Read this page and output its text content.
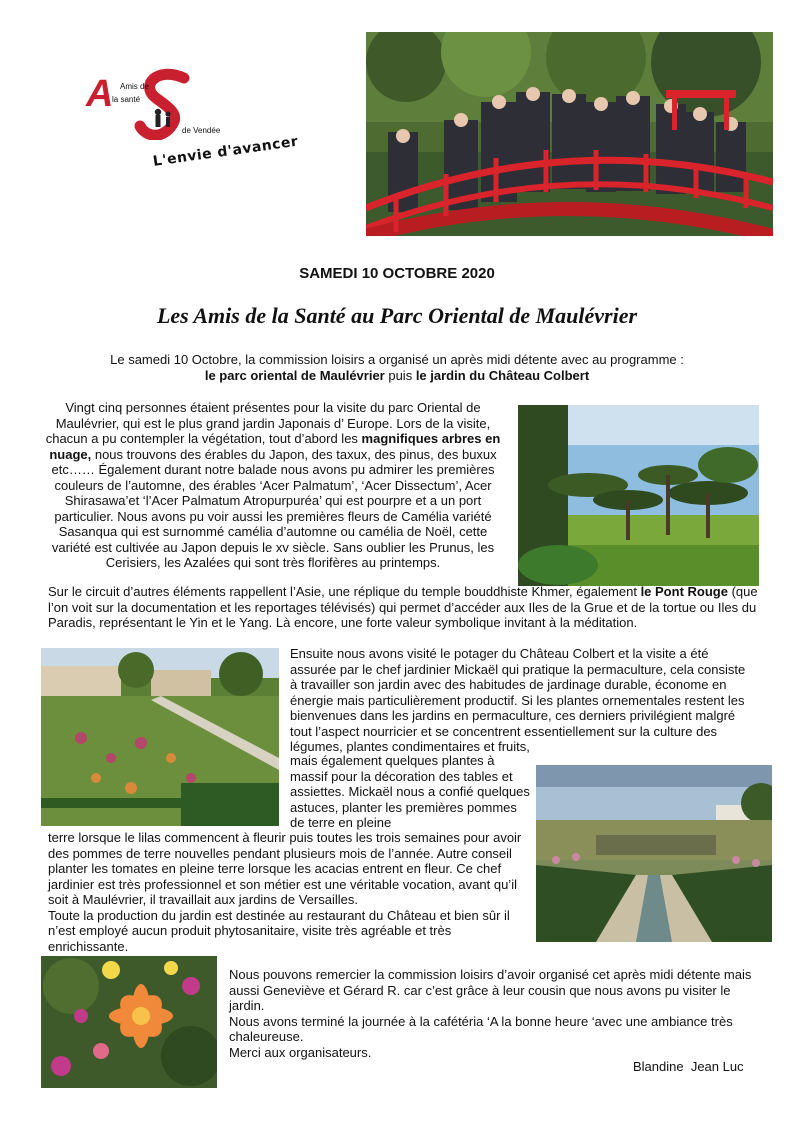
A Amis de
la santé
de Vendée
L'envie d'avancer
SAMEDI 10 OCTOBRE 2020
Les Amis de la Santé au Parc Oriental de Maulévrier
Le samedi 10 Octobre, la commission loisirs a organisé un après midi détente avec au programme :
le parc oriental de Maulévrier puis le jardin du Château Colbert
Vingt cinq personnes étaient présentes pour la visite du parc Oriental de Maulévrier, qui est le plus grand jardin Japonais d’ Europe. Lors de la visite, chacun a pu contempler la végétation, tout d’abord les magnifiques arbres en nuage, nous trouvons des érables du Japon, des taxux, des pinus, des buxux etc…… Également durant notre balade nous avons pu admirer les premières couleurs de l’automne, des érables ‘Acer Palmatum’, ‘Acer Dissectum’, Acer Shirasawa’et ‘l’Acer Palmatum Atropurpuréa’ qui est pourpre et a un port particulier. Nous avons pu voir aussi les premières fleurs de Camélia variété Sasanqua qui est surnommé camélia d’automne ou camélia de Noël, cette variété est cultivée au Japon depuis le xv siècle. Sans oublier les Prunus, les Cerisiers, les Azalées qui sont très florifères au printemps.
Sur le circuit d’autres éléments rappellent l’Asie, une réplique du temple bouddhiste Khmer, également le Pont Rouge (que l’on voit sur la documentation et les reportages télévisés) qui permet d’accéder aux Iles de la Grue et de la tortue ou Iles du Paradis, représentant le Yin et le Yang. Là encore, une forte valeur symbolique invitant à la méditation.
Ensuite nous avons visité le potager du Château Colbert et la visite a été assurée par le chef jardinier Mickaël qui pratique la permaculture, cela consiste à travailler son jardin avec des habitudes de jardinage durable, économe en énergie mais particulièrement productif. Si les plantes ornementales restent les bienvenues dans les jardins en permaculture, ces derniers privilégient malgré tout l’aspect nourricier et se concentrent essentiellement sur la culture des légumes, plantes condimentaires et fruits,
mais également quelques plantes à massif pour la décoration des tables et assiettes. Mickaël nous a confié quelques astuces, planter les premières pommes de terre en pleine
terre lorsque le lilas commencent à fleurir puis toutes les trois semaines pour avoir des pommes de terre nouvelles pendant plusieurs mois de l’année. Autre conseil planter les tomates en pleine terre lorsque les acacias entrent en fleur. Ce chef jardinier est très professionnel et son métier est une véritable vocation, avant qu’il soit à Maulévrier, il travaillait aux jardins de Versailles.
Toute la production du jardin est destinée au restaurant du Château et bien sûr il n’est employé aucun produit phytosanitaire, visite très agréable et très enrichissante.
Nous pouvons remercier la commission loisirs d’avoir organisé cet après midi détente mais aussi Geneviève et Gérard R. car c’est grâce à leur cousin que nous avons pu visiter le jardin.
Nous avons terminé la journée à la cafétéria ‘A la bonne heure ‘avec une ambiance très chaleureuse.
Merci aux organisateurs.
Blandine  Jean Luc
